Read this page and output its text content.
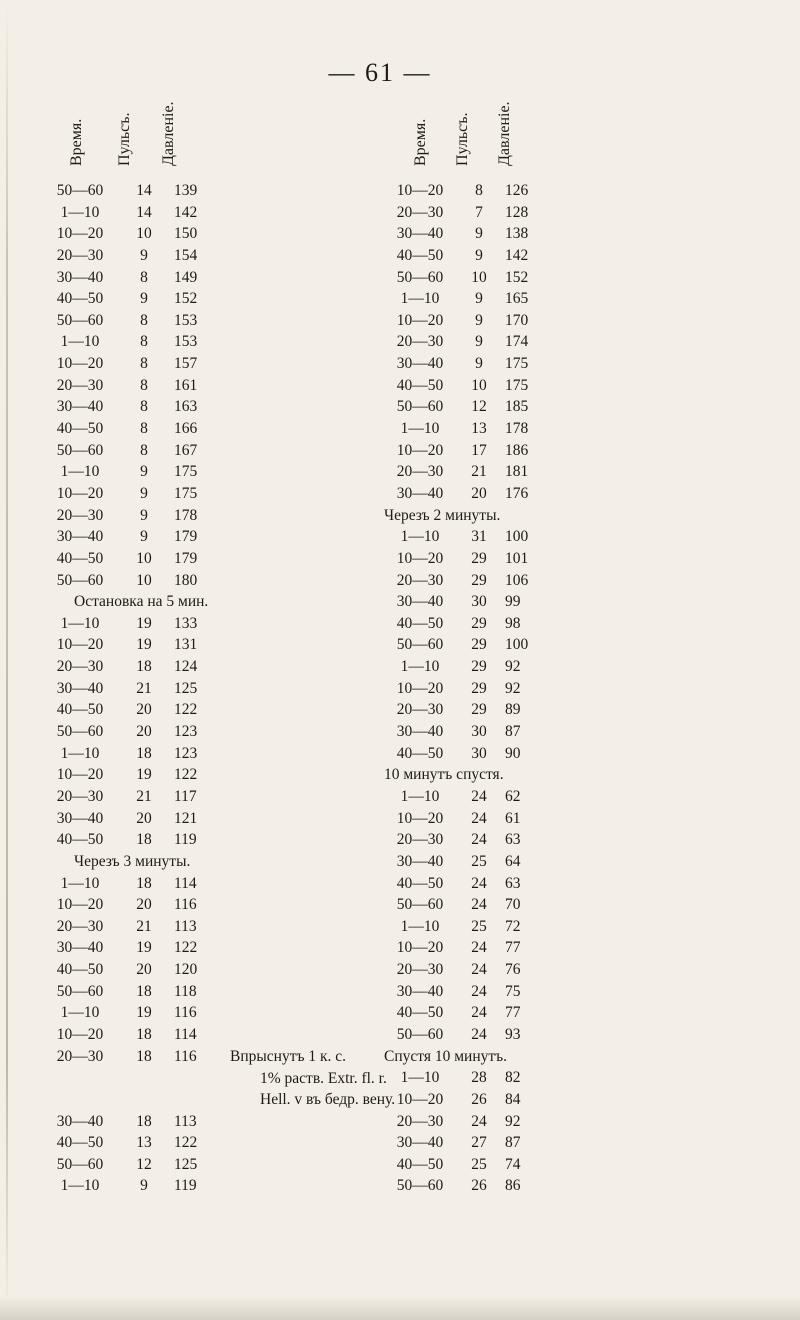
— 61 —
Время. Пульсъ. Давленiе.	Время. Пульсъ. Давленiе.
50—60	14 139
1—10	14 142
10—20	10 150
20—30	9	154
30—40	8	149
40—50	9	152
50—60	8	153
1—10	8	153
10—20	8	157
20—30	8	161
30—40	8	163
40—50	8	166
50—60	8	167
1—10	9	175
10—20	9	175
20—30	9	178
30—40	9	179
40—50	10 179
50—60	10 180
Остановка на 5 мин.
1—10	19 133
10—20	19 131
20—30	18 124
30—40	21 125
40—50	20 122
50—60	20 123
1—10	18 123
10—20	19 122
20—30	21 117
30—40	20 121
40—50	18 119
Черезъ 3 минуты.
1—10	18 114
10—20	20 116
20—30	21 113
30—40	19 122
40—50	20 120
50—60	18 118
1—10	19 116
10—20	18 114
20—30	18 116
30—40	18 113
40—50	13 122
50—60	12 125
1—10	9	119
10—20	8	126
20—30	7	128
30—40	9	138
40—50	9	142
50—60	10	152
1—10	9	165
10—20	9	170
20—30	9	174
30—40	9	175
40—50	10	175
50—60	12	185
1—10	13	178
10—20	17	186
20—30	21	181
30—40	20	176
Черезъ 2 минуты.
1—10	31	100
10—20	29	101
20—30	29	106
30—40	30	99
40—50	29	98
50—60	29	100
1—10	29	92
10—20	29	92
20—30	29	89
30—40	30	87
40—50	30	90
10 минутъ спустя.
1—10	24	62
10—20	24	61
20—30	24	63
30—40	25	64
40—50	24	63
50—60	24	70
1—10	25	72
10—20	24	77
20—30	24	76
30—40	24	75
40—50	24	77
50—60	24	93
Спустя 10 минутъ.
1—10	28	82
10—20	26	84
20—30	24	92
30—40	27	87
40—50	25	74
50—60	26	86
Впрыснутъ 1 к. с.
1% раств. Extr. fl. r.
Hell. v въ бедр. вену.
